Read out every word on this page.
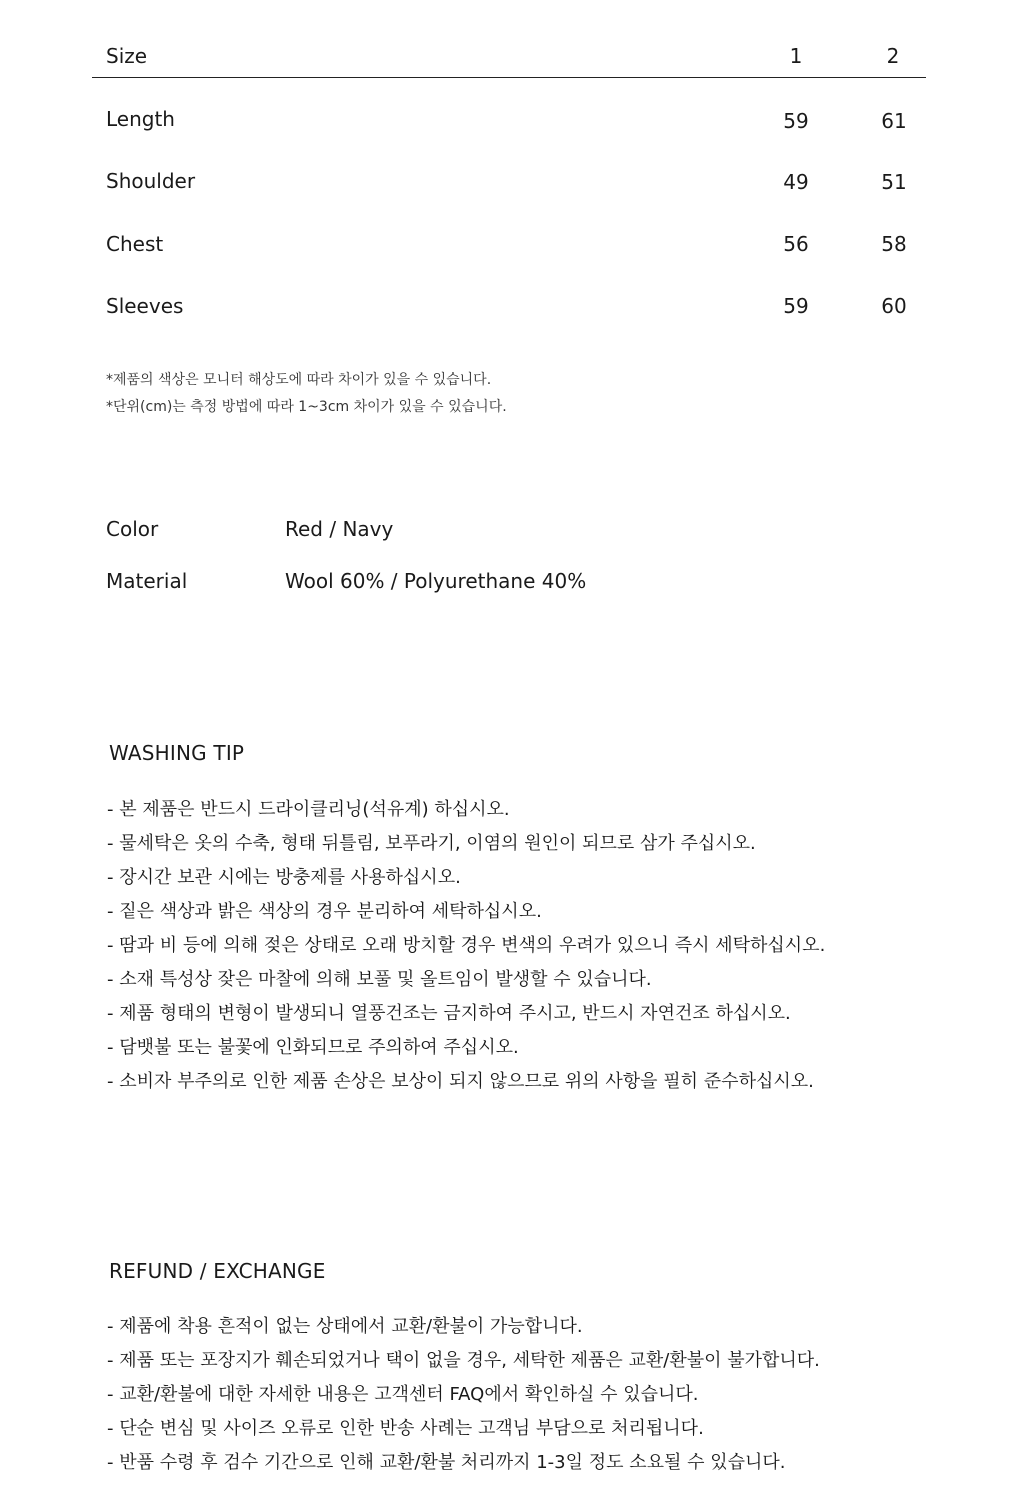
Size	1	2
Length	59	61
Shoulder	49	51
Chest	56	58
Sleeves	59	60
*제품의 색상은 모니터 해상도에 따라 차이가 있을 수 있습니다.
*단위(cm)는 측정 방법에 따라 1~3cm 차이가 있을 수 있습니다.
Color	Red / Navy
Material	Wool 60% / Polyurethane 40%
WASHING TIP
- 본 제품은 반드시 드라이클리닝(석유계) 하십시오.
- 물세탁은 옷의 수축, 형태 뒤틀림, 보푸라기, 이염의 원인이 되므로 삼가 주십시오.
- 장시간 보관 시에는 방충제를 사용하십시오.
- 짙은 색상과 밝은 색상의 경우 분리하여 세탁하십시오.
- 땀과 비 등에 의해 젖은 상태로 오래 방치할 경우 변색의 우려가 있으니 즉시 세탁하십시오.
- 소재 특성상 잦은 마찰에 의해 보풀 및 올트임이 발생할 수 있습니다.
- 제품 형태의 변형이 발생되니 열풍건조는 금지하여 주시고, 반드시 자연건조 하십시오.
- 담뱃불 또는 불꽃에 인화되므로 주의하여 주십시오.
- 소비자 부주의로 인한 제품 손상은 보상이 되지 않으므로 위의 사항을 필히 준수하십시오.
REFUND / EXCHANGE
- 제품에 착용 흔적이 없는 상태에서 교환/환불이 가능합니다.
- 제품 또는 포장지가 훼손되었거나 택이 없을 경우, 세탁한 제품은 교환/환불이 불가합니다.
- 교환/환불에 대한 자세한 내용은 고객센터 FAQ에서 확인하실 수 있습니다.
- 단순 변심 및 사이즈 오류로 인한 반송 사례는 고객님 부담으로 처리됩니다.
- 반품 수령 후 검수 기간으로 인해 교환/환불 처리까지 1-3일 정도 소요될 수 있습니다.
